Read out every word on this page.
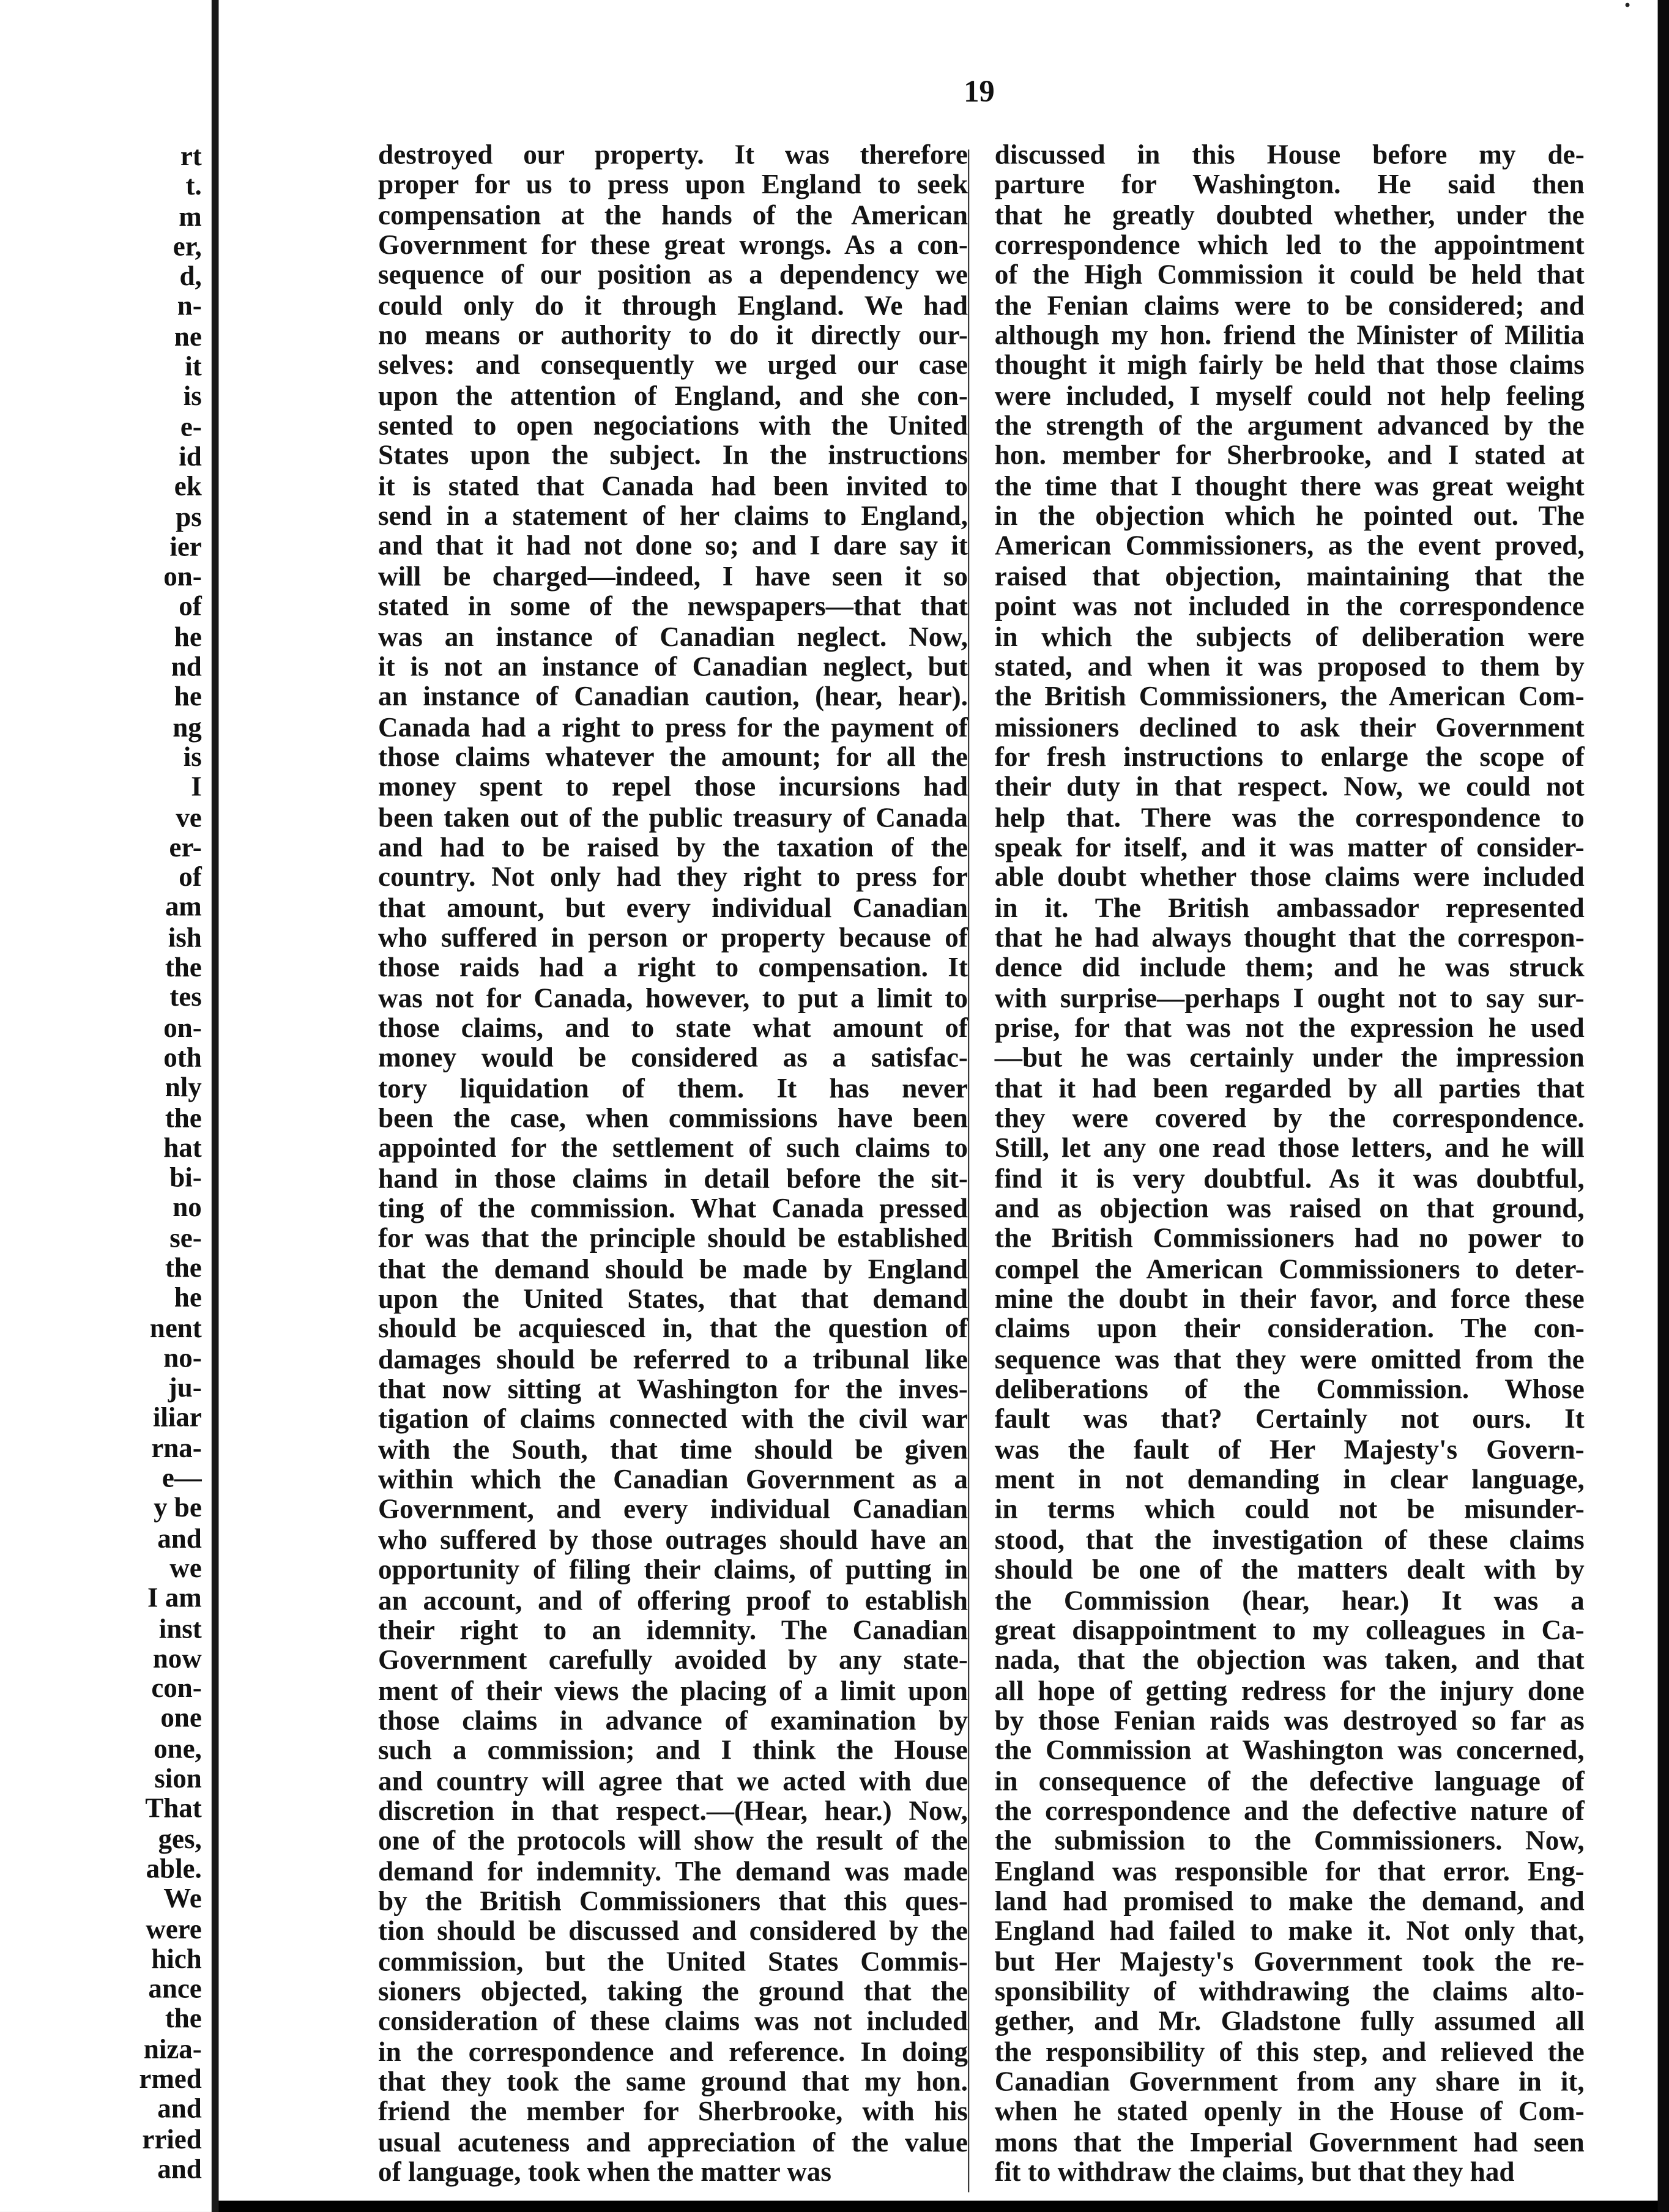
rt
t.
m
er,
d,
n-
ne
it
is
e-
id
ek
ps
ier
on-
of
he
nd
he
ng
is
I
ve
er-
of
am
ish
the
tes
on-
oth
nly
the
hat
bi-
no
se-
the
he
nent
no-
ju-
iliar
rna-
e—
y be
and
we
I am
inst
now
con-
one
one,
sion
That
ges,
able.
We
were
hich
ance
the
niza-
rmed
and
rried
and
19
destroyed our property. It was therefore
proper for us to press upon England to seek
compensation at the hands of the American
Government for these great wrongs. As a con-
sequence of our position as a dependency we
could only do it through England. We had
no means or authority to do it directly our-
selves: and consequently we urged our case
upon the attention of England, and she con-
sented to open negociations with the United
States upon the subject. In the instructions
it is stated that Canada had been invited to
send in a statement of her claims to England,
and that it had not done so; and I dare say it
will be charged—indeed, I have seen it so
stated in some of the newspapers—that that
was an instance of Canadian neglect. Now,
it is not an instance of Canadian neglect, but
an instance of Canadian caution, (hear, hear).
Canada had a right to press for the payment of
those claims whatever the amount; for all the
money spent to repel those incursions had
been taken out of the public treasury of Canada
and had to be raised by the taxation of the
country. Not only had they right to press for
that amount, but every individual Canadian
who suffered in person or property because of
those raids had a right to compensation. It
was not for Canada, however, to put a limit to
those claims, and to state what amount of
money would be considered as a satisfac-
tory liquidation of them. It has never
been the case, when commissions have been
appointed for the settlement of such claims to
hand in those claims in detail before the sit-
ting of the commission. What Canada pressed
for was that the principle should be established
that the demand should be made by England
upon the United States, that that demand
should be acquiesced in, that the question of
damages should be referred to a tribunal like
that now sitting at Washington for the inves-
tigation of claims connected with the civil war
with the South, that time should be given
within which the Canadian Government as a
Government, and every individual Canadian
who suffered by those outrages should have an
opportunity of filing their claims, of putting in
an account, and of offering proof to establish
their right to an idemnity. The Canadian
Government carefully avoided by any state-
ment of their views the placing of a limit upon
those claims in advance of examination by
such a commission; and I think the House
and country will agree that we acted with due
discretion in that respect.—(Hear, hear.) Now,
one of the protocols will show the result of the
demand for indemnity. The demand was made
by the British Commissioners that this ques-
tion should be discussed and considered by the
commission, but the United States Commis-
sioners objected, taking the ground that the
consideration of these claims was not included
in the correspondence and reference. In doing
that they took the same ground that my hon.
friend the member for Sherbrooke, with his
usual acuteness and appreciation of the value
of language, took when the matter was
discussed in this House before my de-
parture for Washington. He said then
that he greatly doubted whether, under the
correspondence which led to the appointment
of the High Commission it could be held that
the Fenian claims were to be considered; and
although my hon. friend the Minister of Militia
thought it migh fairly be held that those claims
were included, I myself could not help feeling
the strength of the argument advanced by the
hon. member for Sherbrooke, and I stated at
the time that I thought there was great weight
in the objection which he pointed out. The
American Commissioners, as the event proved,
raised that objection, maintaining that the
point was not included in the correspondence
in which the subjects of deliberation were
stated, and when it was proposed to them by
the British Commissioners, the American Com-
missioners declined to ask their Government
for fresh instructions to enlarge the scope of
their duty in that respect. Now, we could not
help that. There was the correspondence to
speak for itself, and it was matter of consider-
able doubt whether those claims were included
in it. The British ambassador represented
that he had always thought that the correspon-
dence did include them; and he was struck
with surprise—perhaps I ought not to say sur-
prise, for that was not the expression he used
—but he was certainly under the impression
that it had been regarded by all parties that
they were covered by the correspondence.
Still, let any one read those letters, and he will
find it is very doubtful. As it was doubtful,
and as objection was raised on that ground,
the British Commissioners had no power to
compel the American Commissioners to deter-
mine the doubt in their favor, and force these
claims upon their consideration. The con-
sequence was that they were omitted from the
deliberations of the Commission. Whose
fault was that? Certainly not ours. It
was the fault of Her Majesty's Govern-
ment in not demanding in clear language,
in terms which could not be misunder-
stood, that the investigation of these claims
should be one of the matters dealt with by
the Commission (hear, hear.) It was a
great disappointment to my colleagues in Ca-
nada, that the objection was taken, and that
all hope of getting redress for the injury done
by those Fenian raids was destroyed so far as
the Commission at Washington was concerned,
in consequence of the defective language of
the correspondence and the defective nature of
the submission to the Commissioners. Now,
England was responsible for that error. Eng-
land had promised to make the demand, and
England had failed to make it. Not only that,
but Her Majesty's Government took the re-
sponsibility of withdrawing the claims alto-
gether, and Mr. Gladstone fully assumed all
the responsibility of this step, and relieved the
Canadian Government from any share in it,
when he stated openly in the House of Com-
mons that the Imperial Government had seen
fit to withdraw the claims, but that they had
